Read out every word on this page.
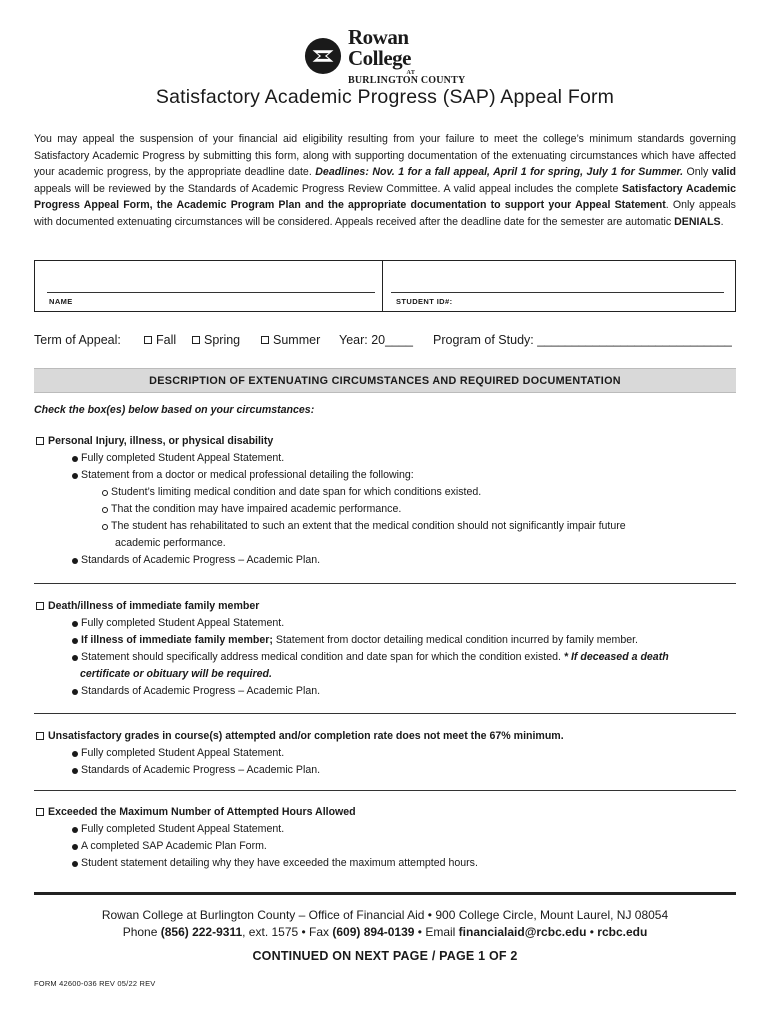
Rowan College
AT
BURLINGTON COUNTY
Satisfactory Academic Progress (SAP) Appeal Form

You may appeal the suspension of your financial aid eligibility resulting from your failure to meet the college’s minimum standards governing Satisfactory Academic Progress by submitting this form, along with supporting documentation of the extenuating circumstances which have affected your academic progress, by the appropriate deadline date. Deadlines: Nov. 1 for a fall appeal, April 1 for spring, July 1 for Summer. Only valid appeals will be reviewed by the Standards of Academic Progress Review Committee. A valid appeal includes the complete Satisfactory Academic Progress Appeal Form, the Academic Program Plan and the appropriate documentation to support your Appeal Statement. Only appeals with documented extenuating circumstances will be considered. Appeals received after the deadline date for the semester are automatic DENIALS.

NAME	STUDENT ID#:
Term of Appeal:	Fall	Spring	Summer Year: 20____ Program of Study: ____________________________
DESCRIPTION OF EXTENUATING CIRCUMSTANCES AND REQUIRED DOCUMENTATION
Check the box(es) below based on your circumstances:
Personal Injury, illness, or physical disability
Fully completed Student Appeal Statement.
Statement from a doctor or medical professional detailing the following:
Student’s limiting medical condition and date span for which conditions existed.
That the condition may have impaired academic performance.
The student has rehabilitated to such an extent that the medical condition should not significantly impair future
academic performance.
Standards of Academic Progress – Academic Plan.
Death/illness of immediate family member
Fully completed Student Appeal Statement.
If illness of immediate family member; Statement from doctor detailing medical condition incurred by family member.
Statement should specifically address medical condition and date span for which the condition existed. * If deceased a death
certificate or obituary will be required.
Standards of Academic Progress – Academic Plan.
Unsatisfactory grades in course(s) attempted and/or completion rate does not meet the 67% minimum.
Fully completed Student Appeal Statement.
Standards of Academic Progress – Academic Plan.
Exceeded the Maximum Number of Attempted Hours Allowed
Fully completed Student Appeal Statement.
A completed SAP Academic Plan Form.
Student statement detailing why they have exceeded the maximum attempted hours.
Rowan College at Burlington County – Office of Financial Aid • 900 College Circle, Mount Laurel, NJ 08054
Phone (856) 222-9311, ext. 1575 • Fax (609) 894-0139 • Email financialaid@rcbc.edu • rcbc.edu
CONTINUED ON NEXT PAGE / PAGE 1 OF 2
FORM 42600-036 REV 05/22 REV
